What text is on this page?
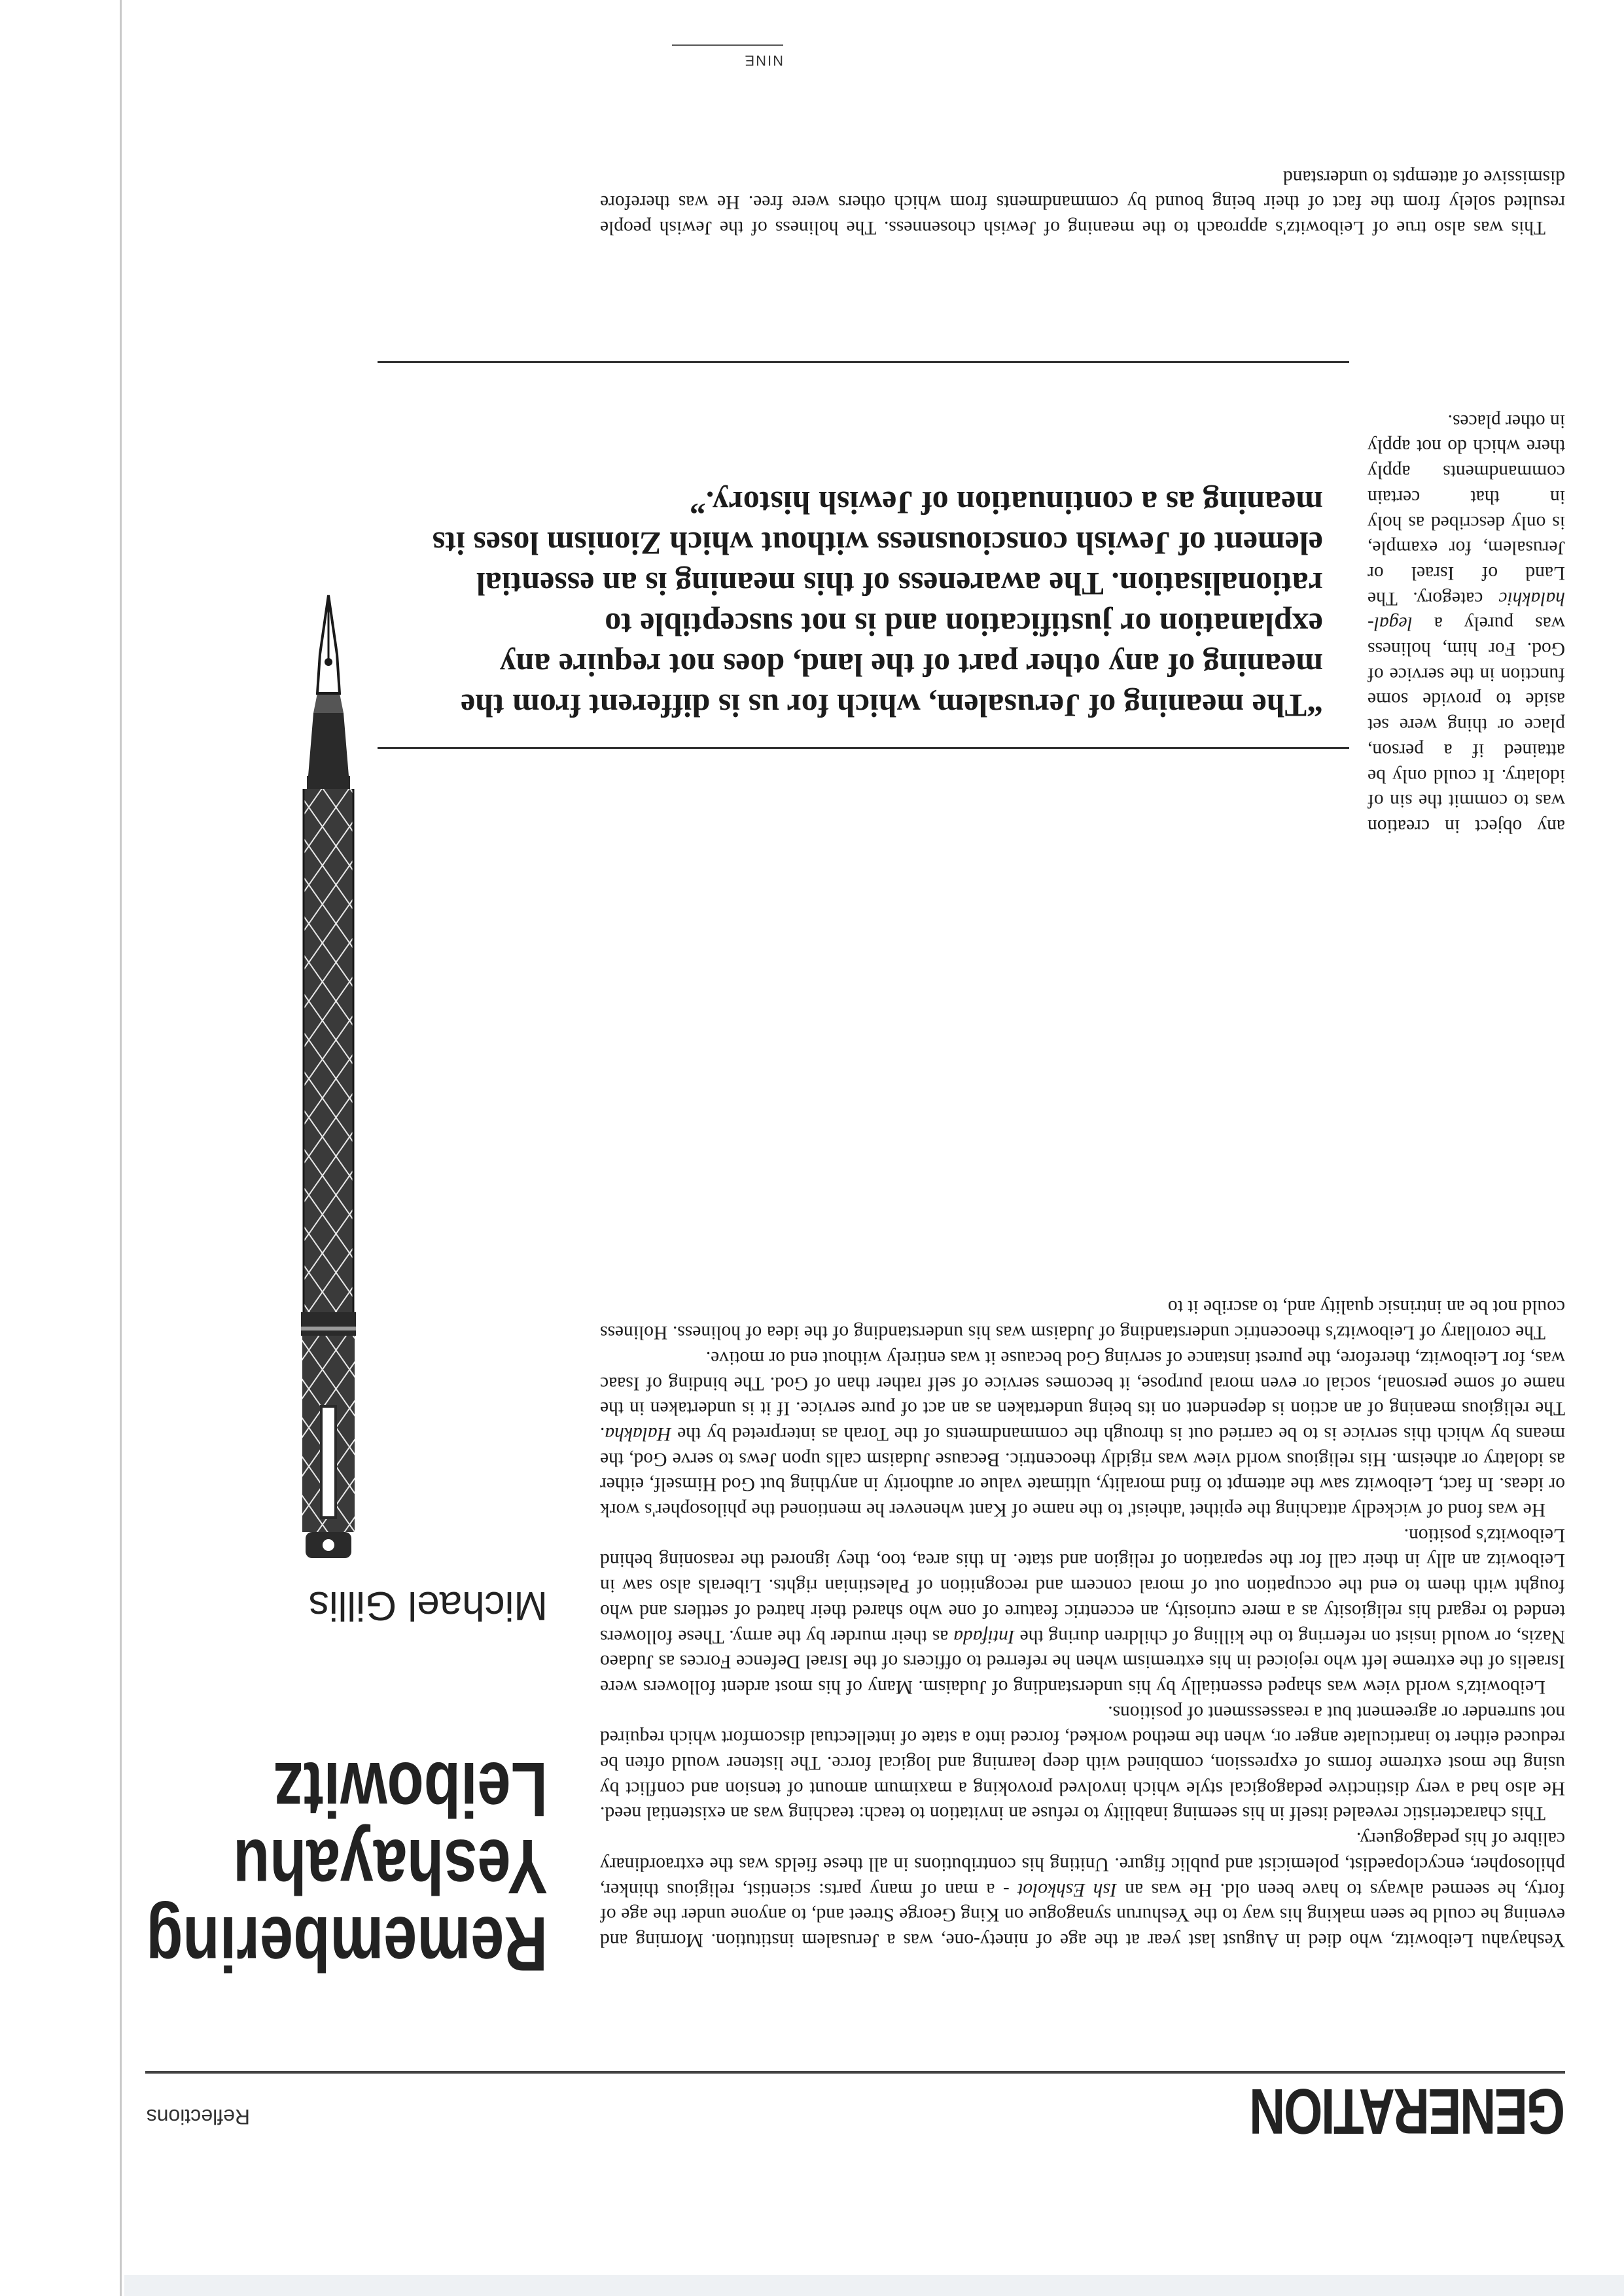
GENERATION
Reflections
Remembering
Yeshayahu
Leibowitz
Michael Gillis

Yeshayahu Leibowitz, who died in August last year at the age of ninety-one, was a Jerusalem institution. Morning and evening he could be seen making his way to the Yeshurun synagogue on King George Street and, to anyone under the age of forty, he seemed always to have been old. He was an Ish Eshkolot - a man of many parts: scientist, religious thinker, philosopher, encyclopaedist, polemicist and public figure. Uniting his contributions in all these fields was the extraordinary calibre of his pedagoguery.

This characteristic revealed itself in his seeming inability to refuse an invitation to teach: teaching was an existential need. He also had a very distinctive pedagogical style which involved provoking a maximum amount of tension and conflict by using the most extreme forms of expression, combined with deep learning and logical force. The listener would often be reduced either to inarticulate anger or, when the method worked, forced into a state of intellectual discomfort which required not surrender or agreement but a reassessment of positions.

Leibowitz's world view was shaped essentially by his understanding of Judaism. Many of his most ardent followers were Israelis of the extreme left who rejoiced in his extremism when he referred to officers of the Israel Defence Forces as Judaeo Nazis, or would insist on referring to the killing of children during the Intifada as their murder by the army. These followers tended to regard his religiosity as a mere curiosity, an eccentric feature of one who shared their hatred of settlers and who fought with them to end the occupation out of moral concern and recognition of Palestinian rights. Liberals also saw in Leibowitz an ally in their call for the separation of religion and state. In this area, too, they ignored the reasoning behind Leibowitz's position.

He was fond of wickedly attaching the epithet 'atheist' to the name of Kant whenever he mentioned the philosopher's work or ideas. In fact, Leibowitz saw the attempt to find morality, ultimate value or authority in anything but God Himself, either as idolatry or atheism. His religious world view was rigidly theocentric. Because Judaism calls upon Jews to serve God, the means by which this service is to be carried out is through the commandments of the Torah as interpreted by the Halakha. The religious meaning of an action is dependent on its being undertaken as an act of pure service. If it is undertaken in the name of some personal, social or even moral purpose, it becomes service of self rather than of God. The binding of Isaac was, for Leibowitz, therefore, the purest instance of serving God because it was entirely without end or motive.

The corollary of Leibowitz's theocentric understanding of Judaism was his understanding of the idea of holiness. Holiness could not be an intrinsic quality and, to ascribe it to

any object in creation was to commit the sin of idolatry. It could only be attained if a person, place or thing were set aside to provide some function in the service of God. For him, holiness was purely a legal-halakhic category. The Land of Israel or Jerusalem, for example, is only described as holy in that certain commandments apply there which do not apply in other places.

“The meaning of Jerusalem, which for us is different from the meaning of any other part of the land, does not require any explanation or justification and is not susceptible to rationalisation. The awareness of this meaning is an essential element of Jewish consciousness without which Zionism loses its meaning as a continuation of Jewish history.”

This was also true of Leibowitz's approach to the meaning of Jewish chosenness. The holiness of the Jewish people resulted solely from the fact of their being bound by commandments from which others were free. He was therefore dismissive of attempts to understand

NINE
